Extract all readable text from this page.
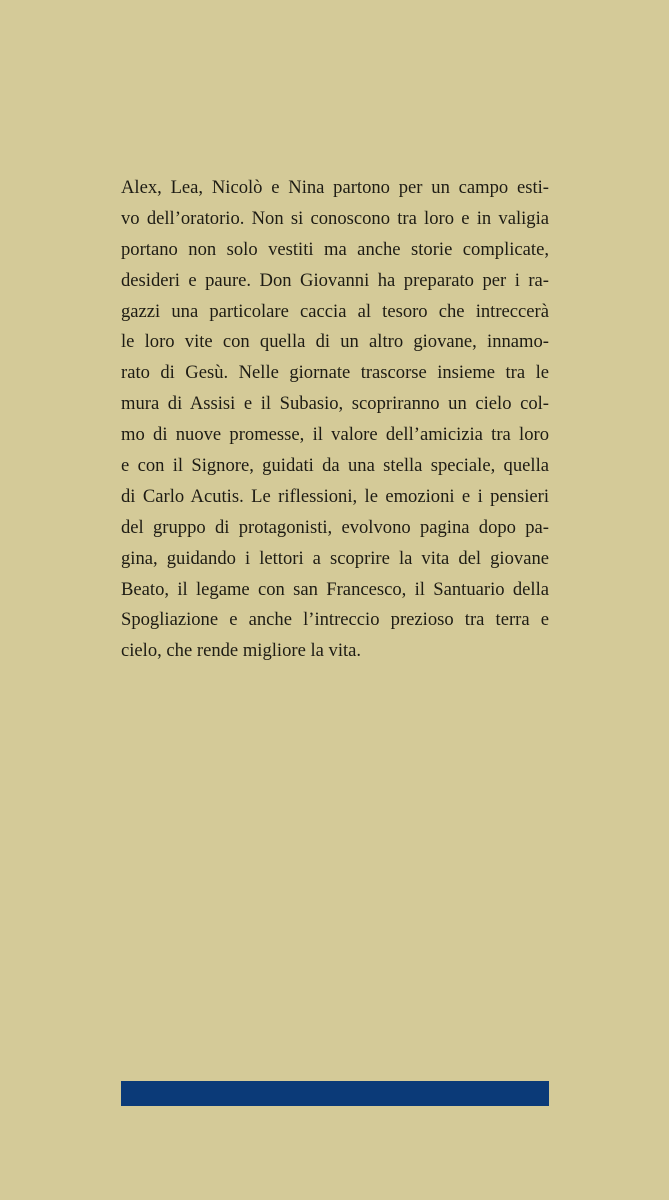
Alex, Lea, Nicolò e Nina partono per un campo esti-
vo dell’oratorio. Non si conoscono tra loro e in valigia
portano non solo vestiti ma anche storie complicate,
desideri e paure. Don Giovanni ha preparato per i ra-
gazzi una particolare caccia al tesoro che intreccerà
le loro vite con quella di un altro giovane, innamo-
rato di Gesù. Nelle giornate trascorse insieme tra le
mura di Assisi e il Subasio, scopriranno un cielo col-
mo di nuove promesse, il valore dell’amicizia tra loro
e con il Signore, guidati da una stella speciale, quella
di Carlo Acutis. Le riflessioni, le emozioni e i pensieri
del gruppo di protagonisti, evolvono pagina dopo pa-
gina, guidando i lettori a scoprire la vita del giovane
Beato, il legame con san Francesco, il Santuario della
Spogliazione e anche l’intreccio prezioso tra terra e
cielo, che rende migliore la vita.
